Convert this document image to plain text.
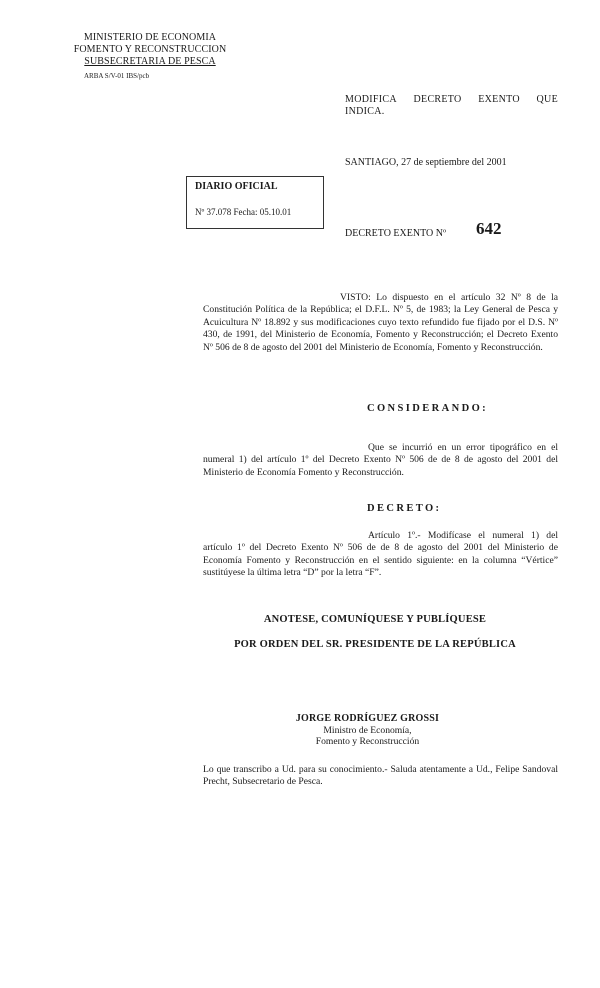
MINISTERIO DE ECONOMIA
FOMENTO Y RECONSTRUCCION
SUBSECRETARIA DE PESCA
ARBA S/V-01 IBS/pcb
MODIFICA DECRETO EXENTO QUE
INDICA.
SANTIAGO, 27 de septiembre del 2001
DIARIO OFICIAL
Nº 37.078 Fecha: 05.10.01
DECRETO EXENTO Nº 642
VISTO: Lo dispuesto en el artículo 32 Nº 8 de la Constitución Política de la República; el D.F.L. Nº 5, de 1983; la Ley General de Pesca y Acuicultura Nº 18.892 y sus modificaciones cuyo texto refundido fue fijado por el D.S. Nº 430, de 1991, del Ministerio de Economía, Fomento y Reconstrucción; el Decreto Exento Nº 506 de 8 de agosto del 2001 del Ministerio de Economía, Fomento y Reconstrucción.
CONSIDERANDO:
Que se incurrió en un error tipográfico en el numeral 1) del artículo 1º del Decreto Exento Nº 506 de de 8 de agosto del 2001 del Ministerio de Economía Fomento y Reconstrucción.
DECRETO:
Artículo 1º.- Modifícase el numeral 1) del artículo 1º del Decreto Exento Nº 506 de de 8 de agosto del 2001 del Ministerio de Economía Fomento y Reconstrucción en el sentido siguiente: en la columna “Vértice” sustitúyese la última letra “D” por la letra “F”.
ANOTESE, COMUNÍQUESE Y PUBLÍQUESE
POR ORDEN DEL SR. PRESIDENTE DE LA REPÚBLICA
JORGE RODRÍGUEZ GROSSI
Ministro de Economía,
Fomento y Reconstrucción
Lo que transcribo a Ud. para su conocimiento.- Saluda atentamente a Ud., Felipe Sandoval Precht, Subsecretario de Pesca.
